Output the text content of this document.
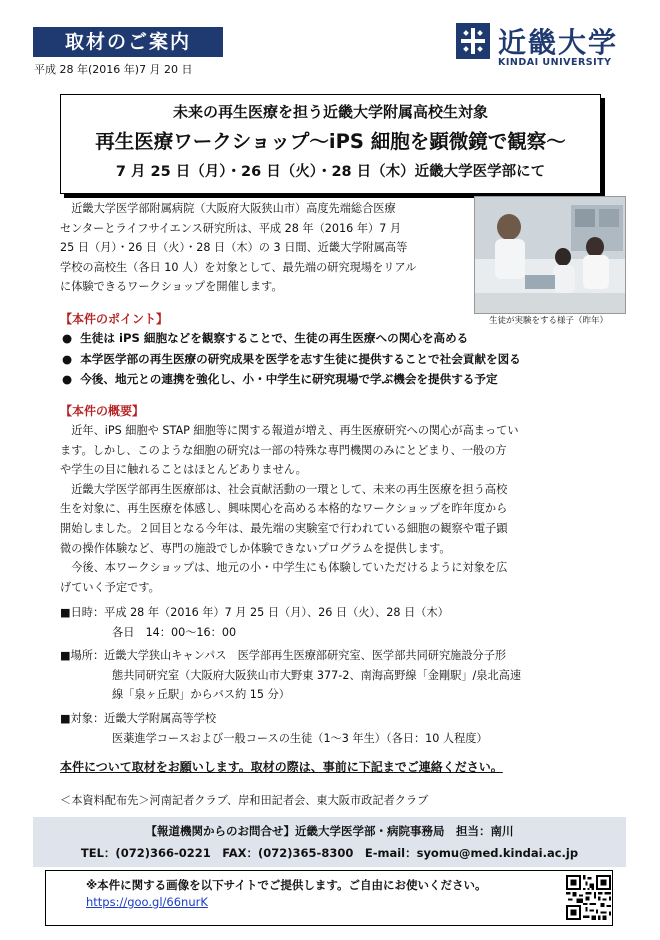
取材のご案内
平成 28 年(2016 年)7 月 20 日
近畿大学
KINDAI UNIVERSITY
未来の再生医療を担う近畿大学附属高校生対象
再生医療ワークショップ～iPS 細胞を顕微鏡で観察～
7 月 25 日（月）・26 日（火）・28 日（木）近畿大学医学部にて
　近畿大学医学部附属病院（大阪府大阪狭山市）高度先端総合医療
センターとライフサイエンス研究所は、平成 28 年（2016 年）7 月
25 日（月）・26 日（火）・28 日（木）の 3 日間、近畿大学附属高等
学校の高校生（各日 10 人）を対象として、最先端の研究現場をリアル
に体験できるワークショップを開催します。
生徒が実験をする様子（昨年）
【本件のポイント】
● 生徒は iPS 細胞などを観察することで、生徒の再生医療への関心を高める
● 本学医学部の再生医療の研究成果を医学を志す生徒に提供することで社会貢献を図る
● 今後、地元との連携を強化し、小・中学生に研究現場で学ぶ機会を提供する予定
【本件の概要】
　近年、iPS 細胞や STAP 細胞等に関する報道が増え、再生医療研究への関心が高まってい
ます。しかし、このような細胞の研究は一部の特殊な専門機関のみにとどまり、一般の方
や学生の目に触れることはほとんどありません。
　近畿大学医学部再生医療部は、社会貢献活動の一環として、未来の再生医療を担う高校
生を対象に、再生医療を体感し、興味関心を高める本格的なワークショップを昨年度から
開始しました。２回目となる今年は、最先端の実験室で行われている細胞の観察や電子顕
微の操作体験など、専門の施設でしか体験できないプログラムを提供します。
　今後、本ワークショップは、地元の小・中学生にも体験していただけるように対象を広
げていく予定です。
■日時：平成 28 年（2016 年）7 月 25 日（月）、26 日（火）、28 日（木）
各日　14：00～16：00
■場所：近畿大学狭山キャンパス　医学部再生医療部研究室、医学部共同研究施設分子形
態共同研究室（大阪府大阪狭山市大野東 377-2、南海高野線「金剛駅」/泉北高速
線「泉ヶ丘駅」からバス約 15 分）
■対象：近畿大学附属高等学校
医薬進学コースおよび一般コースの生徒（1～3 年生）（各日：10 人程度）
本件について取材をお願いします。取材の際は、事前に下記までご連絡ください。
＜本資料配布先＞河南記者クラブ、岸和田記者会、東大阪市政記者クラブ
【報道機関からのお問合せ】近畿大学医学部・病院事務局　担当：南川
TEL：(072)366-0221　FAX：(072)365-8300　E-mail：syomu@med.kindai.ac.jp
※本件に関する画像を以下サイトでご提供します。ご自由にお使いください。
https://goo.gl/66nurK
